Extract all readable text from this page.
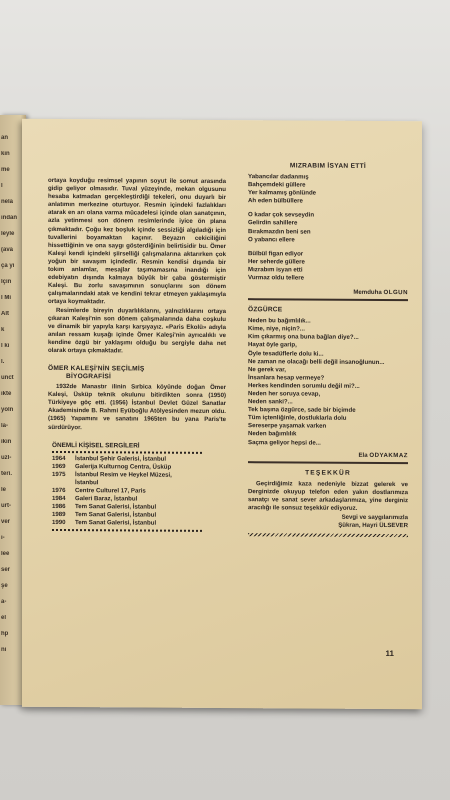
an
kın
me
l
nela
ından
leyle
(ava
ça yı
lçin
l Mi
Alt
k
l kı
l.
unct
ıkte
yoln
la-
ikın
uzl-
teri.
le
urt-
ver
ı-
lee
ser
şe
a-
el
hp
nı

ortaya koyduğu resimsel yapının soyut ile somut arasında gidip geliyor olmasıdır. Tuval yüzeyinde, mekan olgusunu hesaba katmadan gerçekleştirdiği tekeleri, onu duyarlı bir anlatımın merkezine oturtuyor. Resmin içindeki fazlalıkları atarak en arı olana varma mücadelesi içinde olan sanatçının, azla yetinmesi son dönem resimlerinde iyice ön plana çıkmaktadır. Çoğu kez boşluk içinde sessizliği algıladığı için tuvallerini boyamaktan kaçınır. Beyazın cekiciliğini hissettiğinin ve ona saygı gösterdiğinin belirtisidir bu. Ömer Kaleşi kendi içindeki şiirselliği çalışmalarına aktarırken çok yoğun bir savaşım içindedir. Resmin kendisi dışında bir tokım anlamlar, mesajlar taşımamasına inandığı için edebiyatın dışında kalmaya büyük bir çaba göstermiştir Kaleşi. Bu zorlu savaşımının sonuçlarını son dönem çalışmalarındaki atak ve kendini tekrar etmeyen yaklaşımıyla ortaya koymaktadır.

Resimlerde bireyin duyarlılıklarını, yalnızlıklarını ortaya çıkaran Kaleşi'nin son dönem çalışmalarında daha coşkulu ve dinamik bir yapıyla karşı karşıyayız. «Paris Ekolü» adıyla anılan ressam kuşağı içinde Ömer Kaleşi'nin ayrıcalıklı ve kendine özgü bir yaklaşımı olduğu bu sergiyle daha net olarak ortaya çıkmaktadır.

ÖMER KALEŞİ'NİN SEÇİLMİŞ
BİYOGRAFİSİ

1932de Manastır ilinin Sırbica köyünde doğan Ömer Kaleşi, Üsküp teknik okulunu bitirdikten sonra (1950) Türkiyeye göç etti. (1956) İstanbul Devlet Güzel Sanatlar Akademisinde B. Rahmi Eyüboğlu Atölyesinden mezun oldu. (1965) Yapamını ve sanatını 1965ten bu yana Paris'te sürdürüyor.

ÖNEMLİ KİŞİSEL SERGİLERİ
1964	İstanbul Şehir Galerisi, İstanbul
1969	Galerija Kulturnog Centra, Üsküp
1975	İstanbul Resim ve Heykel Müzesi,
İstanbul
1976	Centre Culturel 17, Paris
1984	Galeri Baraz, İstanbul
1986	Tem Sanat Galerisi, İstanbul
1989	Tem Sanat Galerisi, İstanbul
1990	Tem Sanat Galerisi, İstanbul
MIZRABIM İSYAN ETTİ
Yabancılar dadanmış
Bahçemdeki güllere
Yer kalmamış gönlünde
Ah eden bülbüllere
O kadar çok sevseydin
Gelirdin sahillere
Bırakmazdın beni sen
O yabancı ellere
Bülbül figan ediyor
Her seherde güllere
Mızrabım isyan etti
Vurmaz oldu tellere
Memduha OLGUN
ÖZGÜRCE
Neden bu bağımlılık...
Kime, niye, niçin?...
Kim çıkarmış ona buna bağlan diye?...
Hayat öyle garip,
Öyle tesadüflerle dolu ki...
Ne zaman ne olacağı belli değil insanoğlunun...
Ne gerek var,
İnsanlara hesap vermeye?
Herkes kendinden sorumlu değil mi?...
Neden her soruya cevap,
Neden sanki?...
Tek başına özgürce, sade bir biçimde
Tüm içtenliğinle, dostluklarla dolu
Sereserpe yaşamak varken
Neden bağımlılık
Saçma geliyor hepsi de...
Ela ODYAKMAZ
TEŞEKKÜR

Geçirdiğimiz kaza nedeniyle bizzat gelerek ve Derginizde okuyup telefon eden yakın dostlarımıza sanatçı ve sanat sever arkadaşlarımıza, yine derginiz aracılığı ile sonsuz teşekkür ediyoruz.

Sevgi ve saygılarımızla
Şükran, Hayri ÜLSEVER
11
